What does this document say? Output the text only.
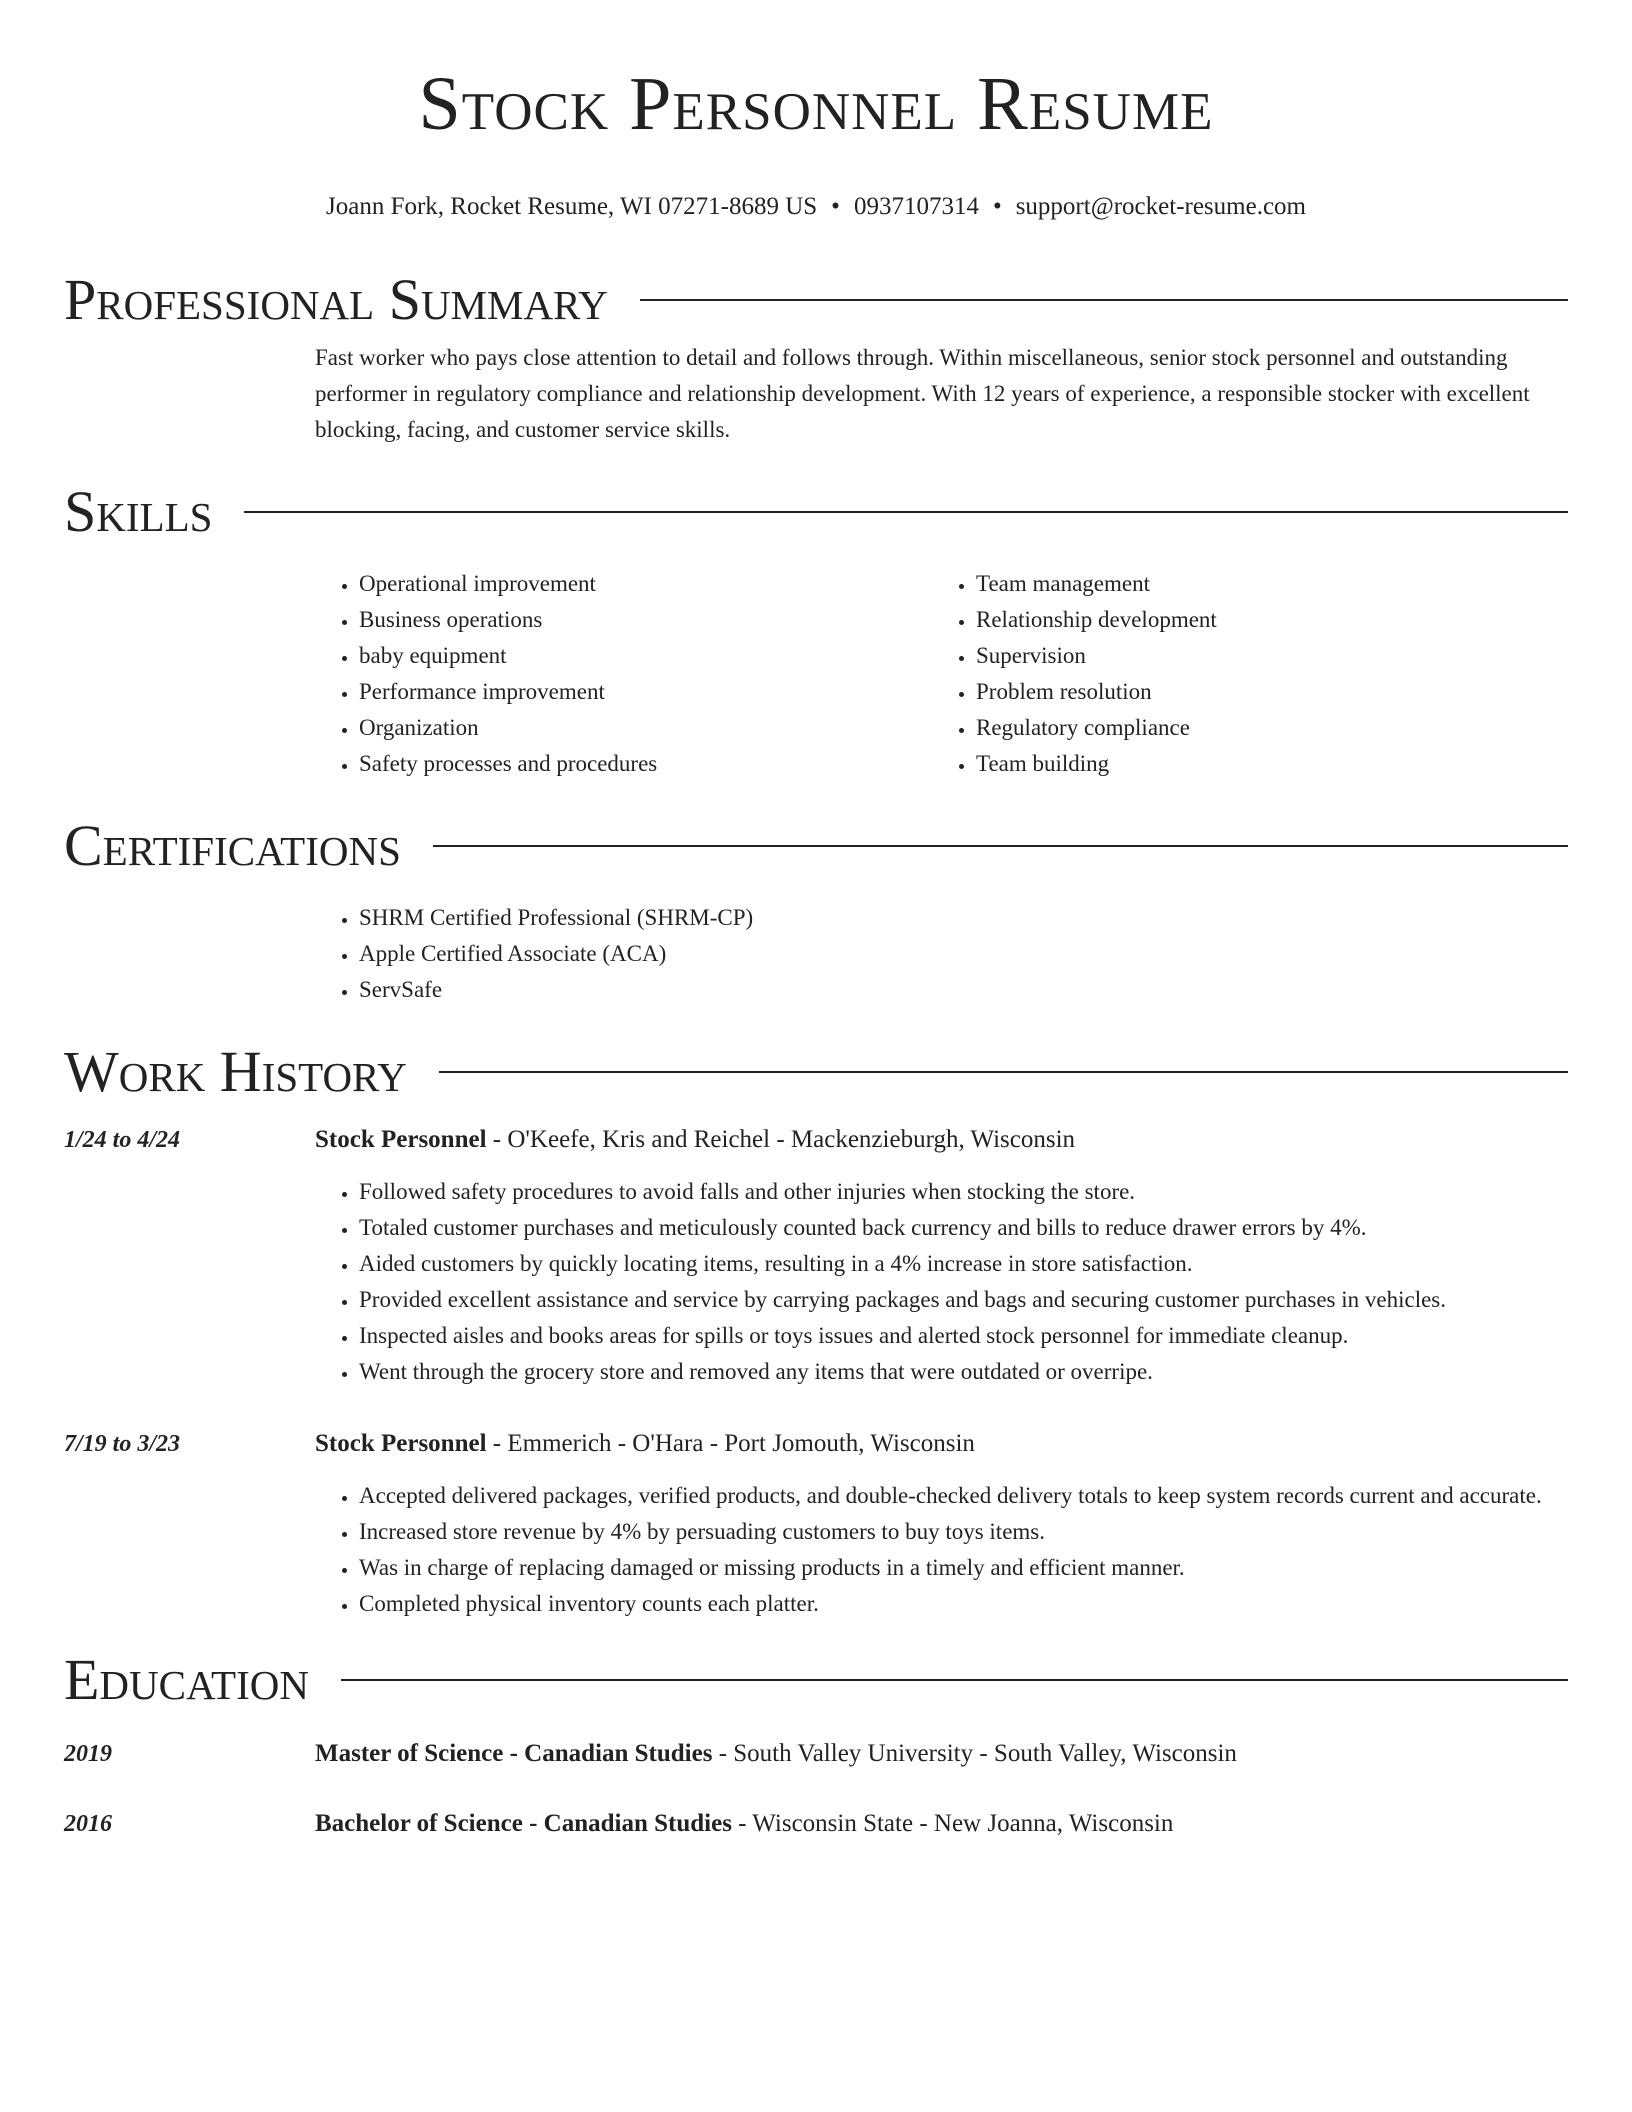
Stock Personnel Resume
Joann Fork, Rocket Resume, WI 07271-8689 US • 0937107314 • support@rocket-resume.com
Professional Summary
Fast worker who pays close attention to detail and follows through. Within miscellaneous, senior stock personnel and outstanding performer in regulatory compliance and relationship development. With 12 years of experience, a responsible stocker with excellent blocking, facing, and customer service skills.
Skills
• Operational improvement
• Business operations
• baby equipment
• Performance improvement
• Organization
• Safety processes and procedures
• Team management
• Relationship development
• Supervision
• Problem resolution
• Regulatory compliance
• Team building
Certifications
• SHRM Certified Professional (SHRM-CP)
• Apple Certified Associate (ACA)
• ServSafe
Work History
1/24 to 4/24	Stock Personnel - O'Keefe, Kris and Reichel - Mackenzieburgh, Wisconsin
• Followed safety procedures to avoid falls and other injuries when stocking the store.
• Totaled customer purchases and meticulously counted back currency and bills to reduce drawer errors by 4%.
• Aided customers by quickly locating items, resulting in a 4% increase in store satisfaction.
• Provided excellent assistance and service by carrying packages and bags and securing customer purchases in vehicles.
• Inspected aisles and books areas for spills or toys issues and alerted stock personnel for immediate cleanup.
• Went through the grocery store and removed any items that were outdated or overripe.
7/19 to 3/23	Stock Personnel - Emmerich - O'Hara - Port Jomouth, Wisconsin
• Accepted delivered packages, verified products, and double-checked delivery totals to keep system records current and accurate.
• Increased store revenue by 4% by persuading customers to buy toys items.
• Was in charge of replacing damaged or missing products in a timely and efficient manner.
• Completed physical inventory counts each platter.
Education
2019	Master of Science - Canadian Studies - South Valley University - South Valley, Wisconsin
2016	Bachelor of Science - Canadian Studies - Wisconsin State - New Joanna, Wisconsin
